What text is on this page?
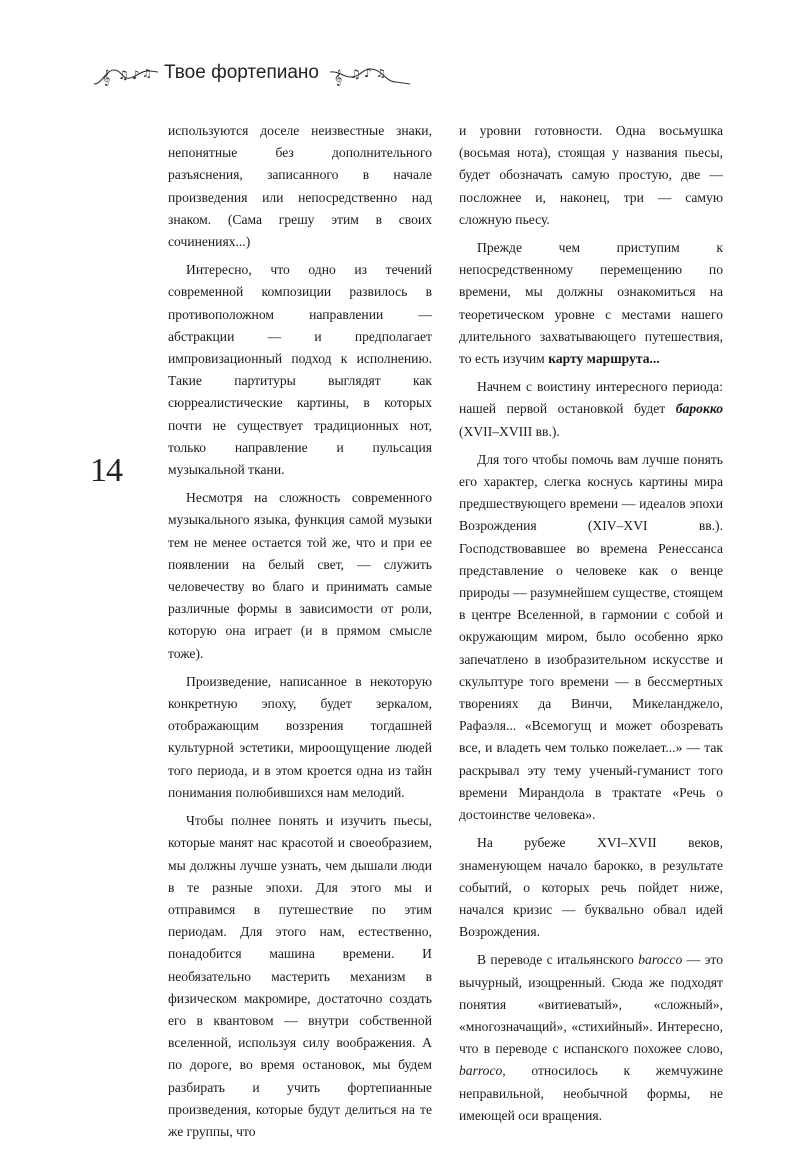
𝄞 ♫ ♪ ♫ Твое фортепиано 𝄞 ♫ ♪ ♫
14

используются доселе неизвестные знаки, непонятные без дополнительного разъяснения, записанного в начале произведения или непосредственно над знаком. (Сама грешу этим в своих сочинениях...)

Интересно, что одно из течений современной композиции развилось в противоположном направлении — абстракции — и предполагает импровизационный подход к исполнению. Такие партитуры выглядят как сюрреалистические картины, в которых почти не существует традиционных нот, только направление и пульсация музыкальной ткани.

Несмотря на сложность современного музыкального языка, функция самой музыки тем не менее остается той же, что и при ее появлении на белый свет, — служить человечеству во благо и принимать самые различные формы в зависимости от роли, которую она играет (и в прямом смысле тоже).

Произведение, написанное в некоторую конкретную эпоху, будет зеркалом, отображающим воззрения тогдашней культурной эстетики, мироощущение людей того периода, и в этом кроется одна из тайн понимания полюбившихся нам мелодий.

Чтобы полнее понять и изучить пьесы, которые манят нас красотой и своеобразием, мы должны лучше узнать, чем дышали люди в те разные эпохи. Для этого мы и отправимся в путешествие по этим периодам. Для этого нам, естественно, понадобится машина времени. И необязательно мастерить механизм в физическом макромире, достаточно создать его в квантовом — внутри собственной вселенной, используя силу воображения. А по дороге, во время остановок, мы будем разбирать и учить фортепианные произведения, которые будут делиться на те же группы, что

и уровни готовности. Одна восьмушка (восьмая нота), стоящая у названия пьесы, будет обозначать самую простую, две — посложнее и, наконец, три — самую сложную пьесу.

Прежде чем приступим к непосредственному перемещению по времени, мы должны ознакомиться на теоретическом уровне с местами нашего длительного захватывающего путешествия, то есть изучим карту маршрута...

Начнем с воистину интересного периода: нашей первой остановкой будет барокко (XVII–XVIII вв.).

Для того чтобы помочь вам лучше понять его характер, слегка коснусь картины мира предшествующего времени — идеалов эпохи Возрождения (XIV–XVI вв.). Господствовавшее во времена Ренессанса представление о человеке как о венце природы — разумнейшем существе, стоящем в центре Вселенной, в гармонии с собой и окружающим миром, было особенно ярко запечатлено в изобразительном искусстве и скульптуре того времени — в бессмертных творениях да Винчи, Микеланджело, Рафаэля... «Всемогущ и может обозревать все, и владеть чем только пожелает...» — так раскрывал эту тему ученый-гуманист того времени Мирандола в трактате «Речь о достоинстве человека».

На рубеже XVI–XVII веков, знаменующем начало барокко, в результате событий, о которых речь пойдет ниже, начался кризис — буквально обвал идей Возрождения.

В переводе с итальянского barocco — это вычурный, изощренный. Сюда же подходят понятия «витиеватый», «сложный», «многозначащий», «стихийный». Интересно, что в переводе с испанского похожее слово, barroco, относилось к жемчужине неправильной, необычной формы, не имеющей оси вращения.
